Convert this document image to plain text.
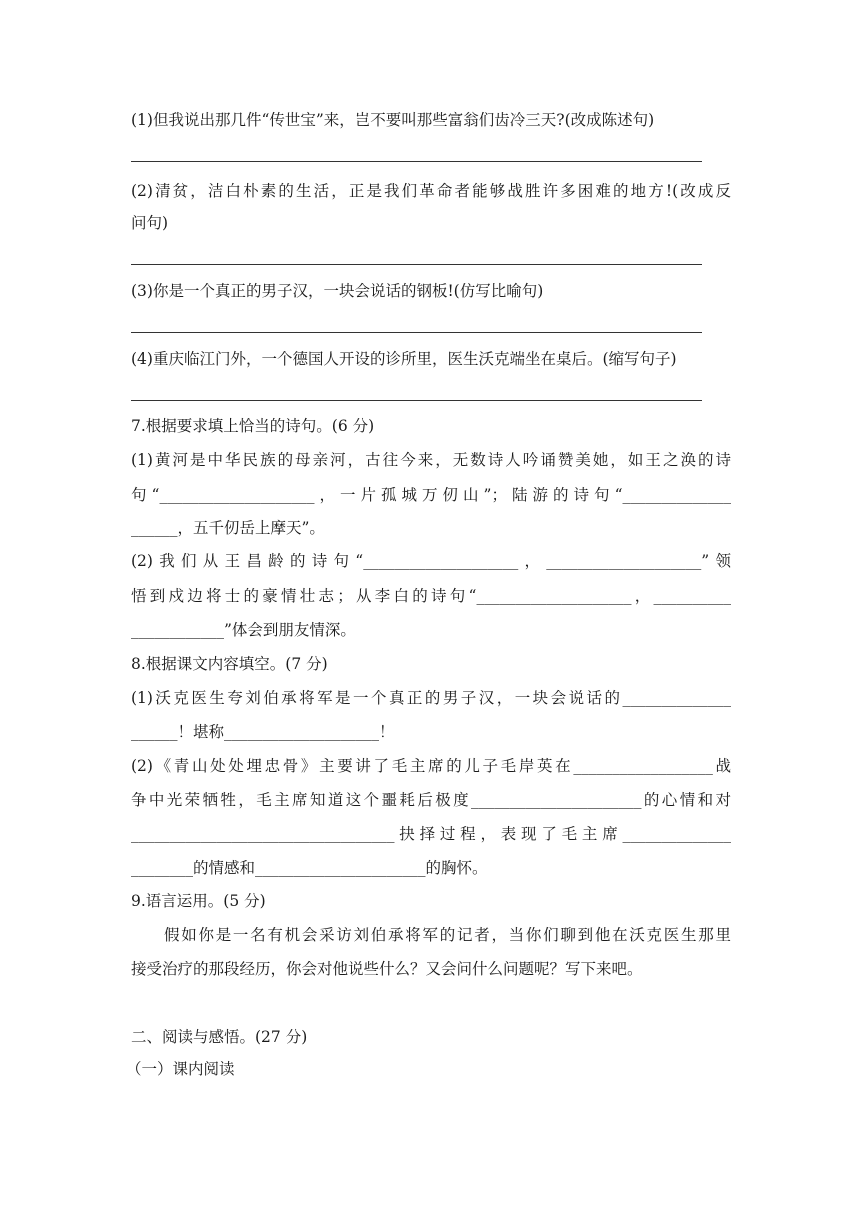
(1)但我说出那几件“传世宝”来，岂不要叫那些富翁们齿冷三天?(改成陈述句)
(2)清贫，洁白朴素的生活，正是我们革命者能够战胜许多困难的地方!(改成反
问句)
(3)你是一个真正的男子汉，一块会说话的钢板!(仿写比喻句)
(4)重庆临江门外，一个德国人开设的诊所里，医生沃克端坐在桌后。(缩写句子)
7.根据要求填上恰当的诗句。(6 分)
(1)黄河是中华民族的母亲河，古往今来，无数诗人吟诵赞美她，如王之涣的诗
句“____________________，一片孤城万仞山”；陆游的诗句“______________
______，五千仞岳上摩天”。
(2)我们从王昌龄的诗句“____________________，____________________”领
悟到戍边将士的豪情壮志；从李白的诗句“____________________，__________
____________”体会到朋友情深。
8.根据课文内容填空。(7 分)
(1)沃克医生夸刘伯承将军是一个真正的男子汉，一块会说话的______________
______！堪称____________________！
(2)《青山处处埋忠骨》主要讲了毛主席的儿子毛岸英在__________________战
争中光荣牺牲，毛主席知道这个噩耗后极度______________________的心情和对
__________________________________抉择过程，表现了毛主席______________
________的情感和______________________的胸怀。
9.语言运用。(5 分)
假如你是一名有机会采访刘伯承将军的记者，当你们聊到他在沃克医生那里
接受治疗的那段经历，你会对他说些什么？又会问什么问题呢？写下来吧。
二、阅读与感悟。(27 分)
（一）课内阅读
